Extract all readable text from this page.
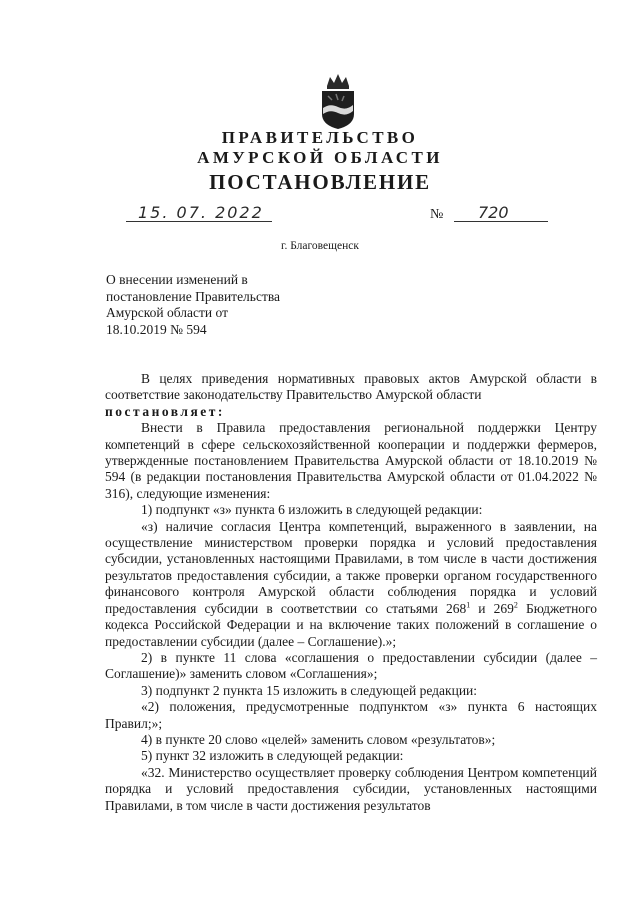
ПРАВИТЕЛЬСТВО
АМУРСКОЙ ОБЛАСТИ
ПОСТАНОВЛЕНИЕ
15. 07. 2022	№ 720
г. Благовещенск
О внесении изменений в
постановление Правительства
Амурской области от
18.10.2019 № 594

В целях приведения нормативных правовых актов Амурской области в соответствие законодательству Правительство Амурской области

постановляет:

Внести в Правила предоставления региональной поддержки Центру компетенций в сфере сельскохозяйственной кооперации и поддержки фермеров, утвержденные постановлением Правительства Амурской области от 18.10.2019 № 594 (в редакции постановления Правительства Амурской области от 01.04.2022 № 316), следующие изменения:

1) подпункт «з» пункта 6 изложить в следующей редакции:

«з) наличие согласия Центра компетенций, выраженного в заявлении, на осуществление министерством проверки порядка и условий предоставления субсидии, установленных настоящими Правилами, в том числе в части достижения результатов предоставления субсидии, а также проверки органом государственного финансового контроля Амурской области соблюдения порядка и условий предоставления субсидии в соответствии со статьями $268^1$ и $269^2$ Бюджетного кодекса Российской Федерации и на включение таких положений в соглашение о предоставлении субсидии (далее – Соглашение).»;

2) в пункте 11 слова «соглашения о предоставлении субсидии (далее – Соглашение)» заменить словом «Соглашения»;

3) подпункт 2 пункта 15 изложить в следующей редакции:

«2) положения, предусмотренные подпунктом «з» пункта 6 настоящих Правил;»;

4) в пункте 20 слово «целей» заменить словом «результатов»;

5) пункт 32 изложить в следующей редакции:

«32. Министерство осуществляет проверку соблюдения Центром компетенций порядка и условий предоставления субсидии, установленных настоящими Правилами, в том числе в части достижения результатов
